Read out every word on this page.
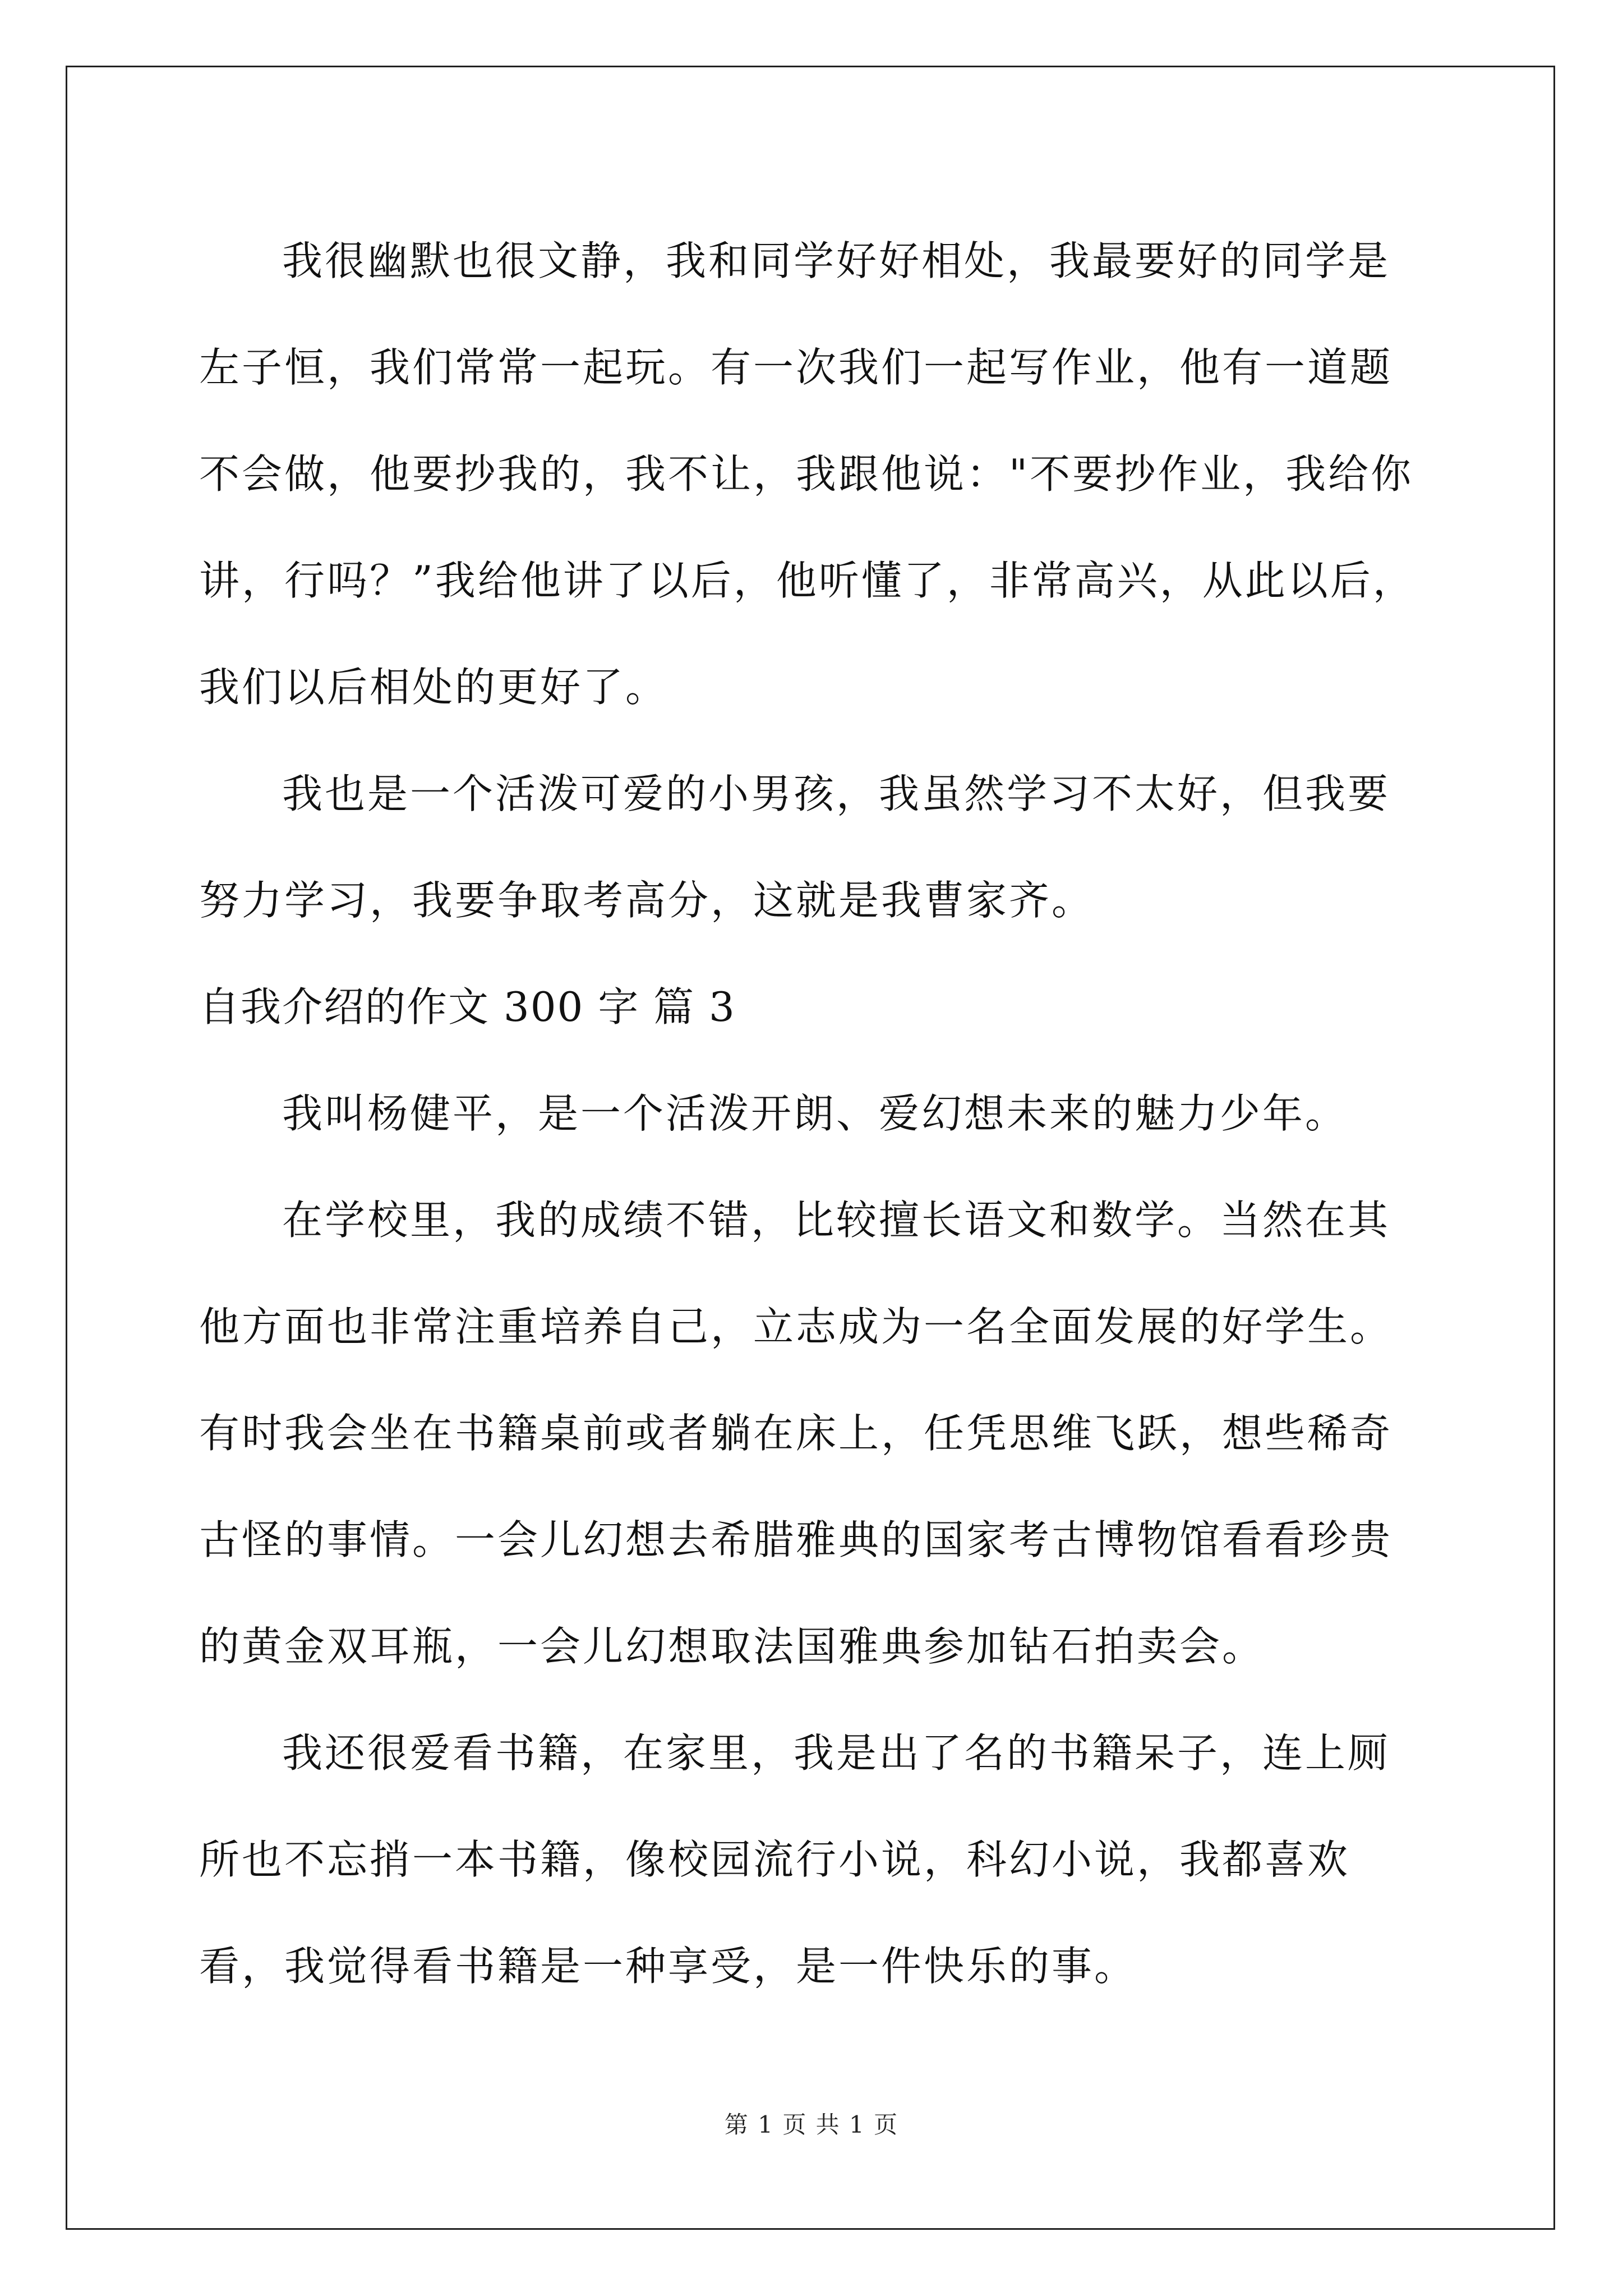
我很幽默也很文静，我和同学好好相处，我最要好的同学是左子恒，我们常常一起玩。有一次我们一起写作业，他有一道题不会做，他要抄我的，我不让，我跟他说："不要抄作业，我给你讲，行吗？”我给他讲了以后，他听懂了，非常高兴，从此以后，我们以后相处的更好了。

我也是一个活泼可爱的小男孩，我虽然学习不太好，但我要努力学习，我要争取考高分，这就是我曹家齐。

自我介绍的作文 300 字 篇 3

我叫杨健平，是一个活泼开朗、爱幻想未来的魅力少年。

在学校里，我的成绩不错，比较擅长语文和数学。当然在其他方面也非常注重培养自己，立志成为一名全面发展的好学生。有时我会坐在书籍桌前或者躺在床上，任凭思维飞跃，想些稀奇古怪的事情。一会儿幻想去希腊雅典的国家考古博物馆看看珍贵的黄金双耳瓶，一会儿幻想取法国雅典参加钻石拍卖会。

我还很爱看书籍，在家里，我是出了名的书籍呆子，连上厕所也不忘捎一本书籍，像校园流行小说，科幻小说，我都喜欢看，我觉得看书籍是一种享受，是一件快乐的事。

第 1 页 共 1 页
